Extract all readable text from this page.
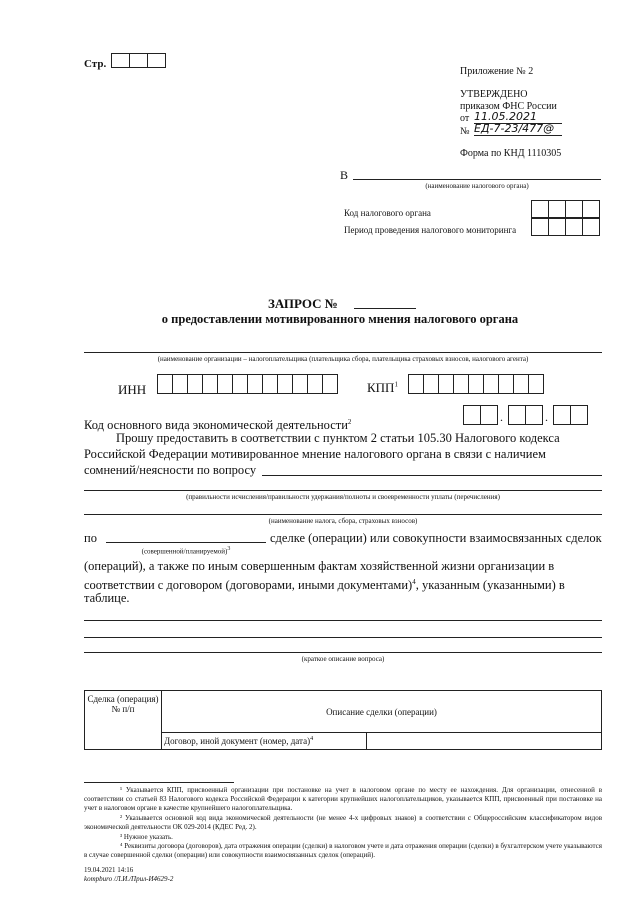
Стр.
Приложение № 2
УТВЕРЖДЕНО
приказом ФНС России
от 11.05.2021
№ ЕД-7-23/477@
Форма по КНД 1110305
В
(наименование налогового органа)
Код налогового органа
Период проведения налогового мониторинга
ЗАПРОС №
о предоставлении мотивированного мнения налогового органа
(наименование организации – налогоплательщика (плательщика сбора, плательщика страховых взносов, налогового агента)
ИНН	КПП$^1$
Код основного вида экономической деятельности$^2$	.	.
Прошу предоставить в соответствии с пунктом 2 статьи 105.30 Налогового кодекса
Российской Федерации мотивированное мнение налогового органа в связи с наличием
сомнений/неясности по вопросу
(правильности исчисления/правильности удержания/полноты и своевременности уплаты (перечисления)
(наименование налога, сбора, страховых взносов)
по	сделке (операции) или совокупности взаимосвязанных сделок
(совершенной/планируемой)$^3$
(операций), а также по иным совершенным фактам хозяйственной жизни организации в
соответствии с договором (договорами, иными документами)$^4$, указанным (указанными) в
таблице.
(краткое описание вопроса)
Сделка (операция) № п/п	Описание сделки (операции)	
	Договор, иной документ (номер, дата)$^4$	
¹ Указывается КПП, присвоенный организации при постановке на учет в налоговом органе по месту ее нахождения. Для организации, отнесенной в соответствии со статьей 83 Налогового кодекса Российской Федерации к категории крупнейших налогоплательщиков, указывается КПП, присвоенный при постановке на учет в налоговом органе в качестве крупнейшего налогоплательщика.
² Указывается основной код вида экономической деятельности (не менее 4-х цифровых знаков) в соответствии с Общероссийским классификатором видов экономической деятельности ОК 029-2014 (КДЕС Ред. 2).
³ Нужное указать.
⁴ Реквизиты договора (договоров), дата отражения операции (сделки) в налоговом учете и дата отражения операции (сделки) в бухгалтерском учете указываются в случае совершенной сделки (операции) или совокупности взаимосвязанных сделок (операций).
19.04.2021 14:16
kompburo /Л.И./Прил-И4629-2
